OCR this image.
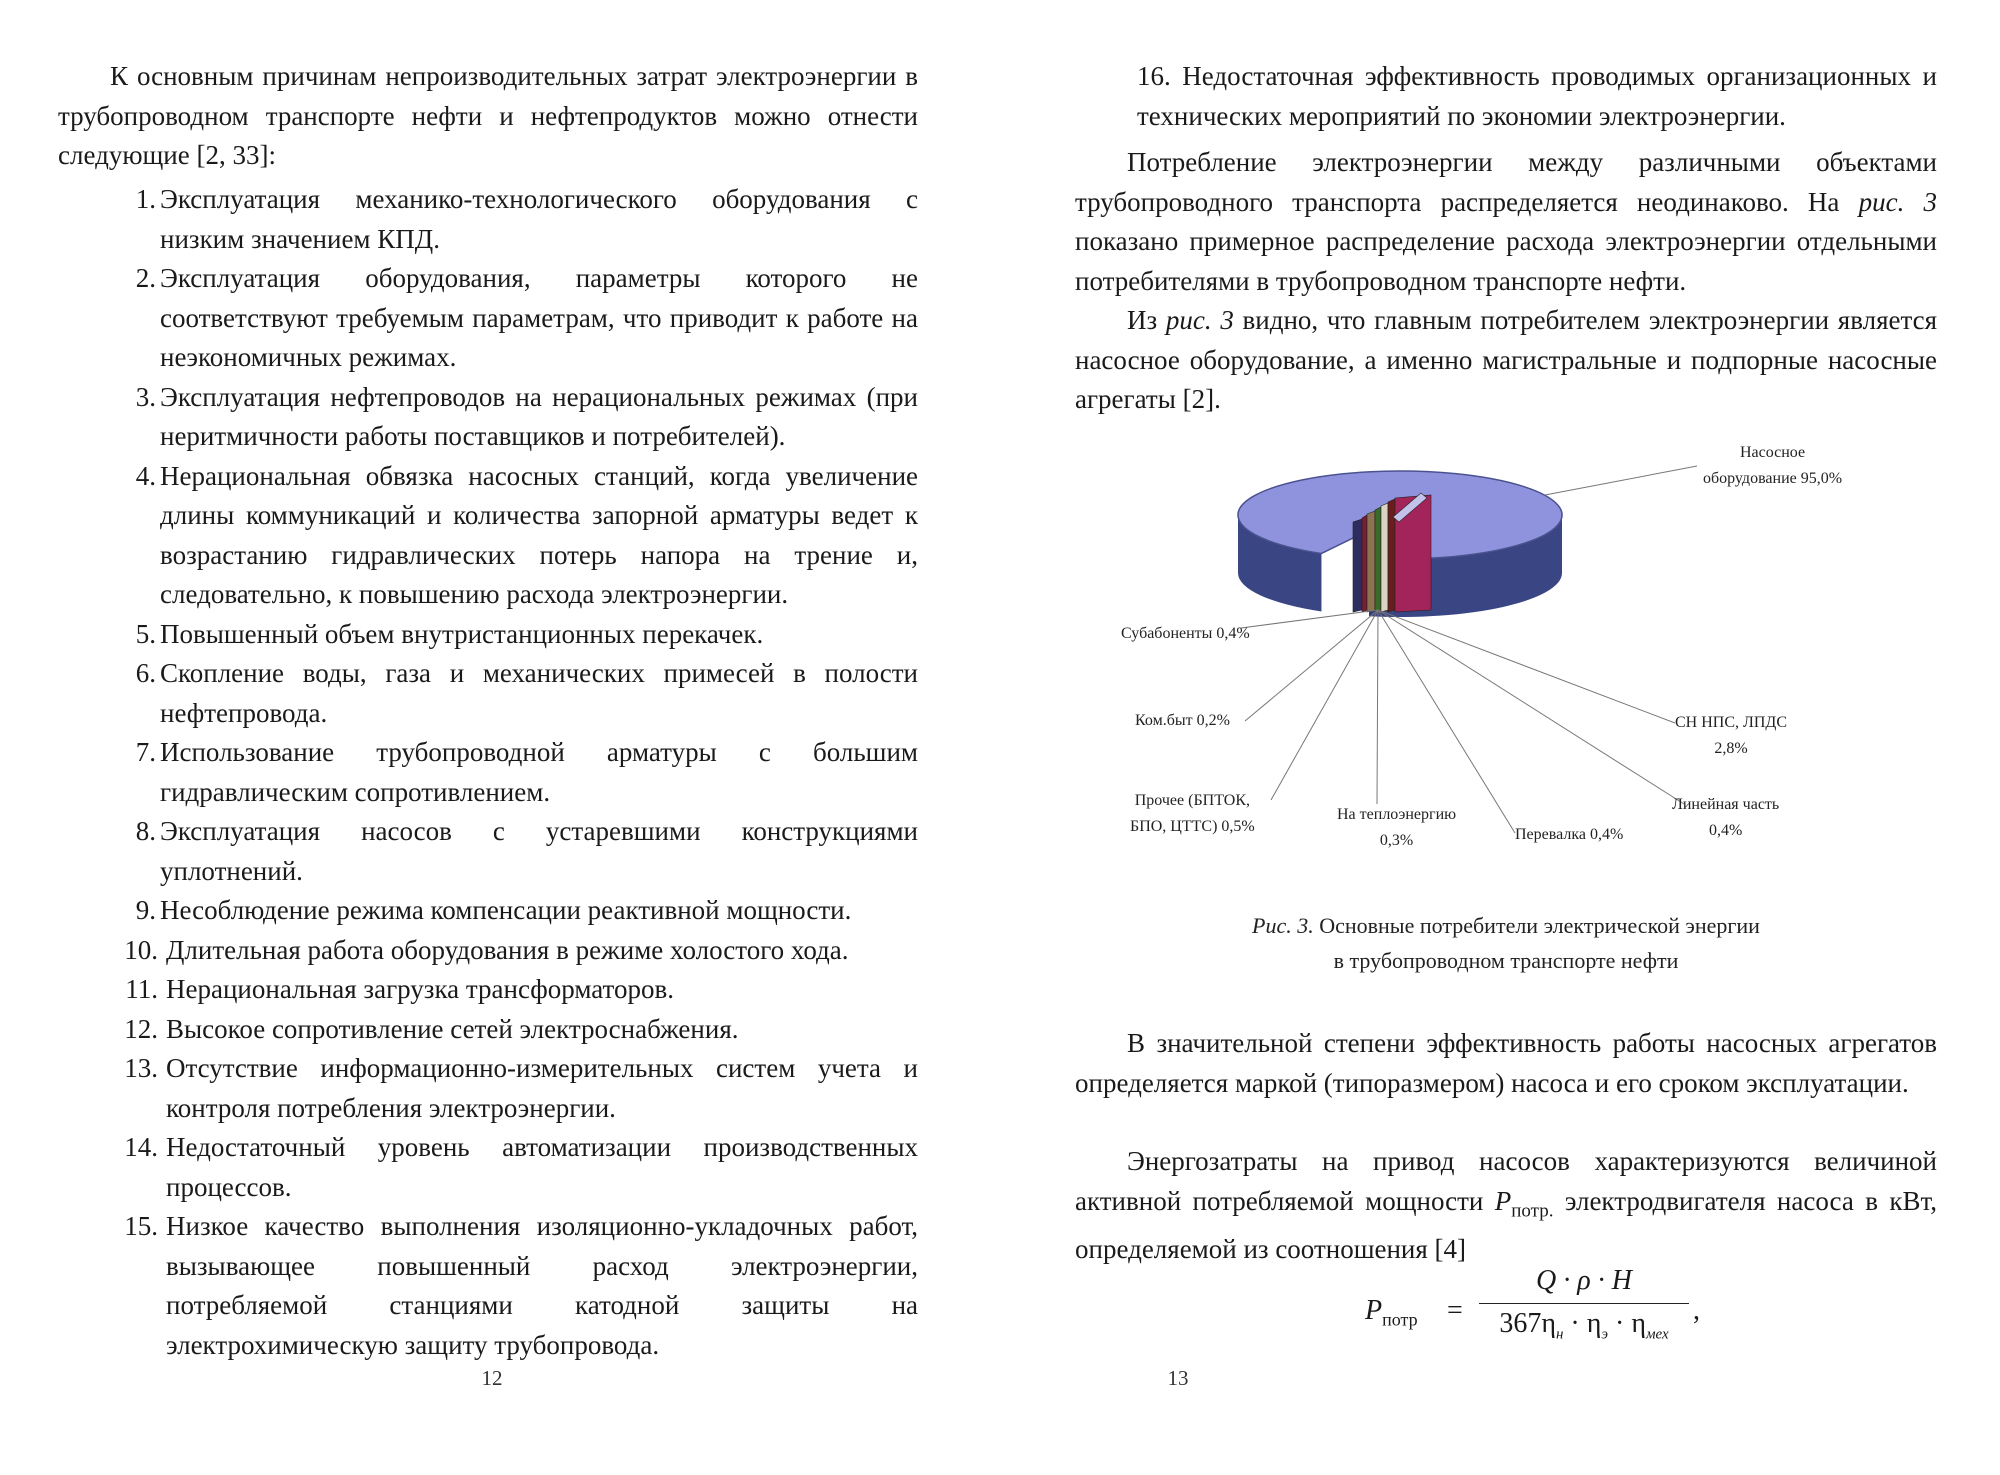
К основным причинам непроизводительных затрат электроэнергии в трубопроводном транспорте нефти и нефтепродуктов можно отнести следующие [2, 33]:

1. Эксплуатация механико-технологического оборудования с низким значением КПД.
2. Эксплуатация оборудования, параметры которого не соответствуют требуемым параметрам, что приводит к работе на неэкономичных режимах.
3. Эксплуатация нефтепроводов на нерациональных режимах (при неритмичности работы поставщиков и потребителей).
4. Нерациональная обвязка насосных станций, когда увеличение длины коммуникаций и количества запорной арматуры ведет к возрастанию гидравлических потерь напора на трение и, следовательно, к повышению расхода электроэнергии.
5. Повышенный объем внутристанционных перекачек.
6. Скопление воды, газа и механических примесей в полости нефтепровода.
7. Использование трубопроводной арматуры с большим гидравлическим сопротивлением.
8. Эксплуатация насосов с устаревшими конструкциями уплотнений.
9. Несоблюдение режима компенсации реактивной мощности.
10. Длительная работа оборудования в режиме холостого хода.
11. Нерациональная загрузка трансформаторов.
12. Высокое сопротивление сетей электроснабжения.
13. Отсутствие информационно-измерительных систем учета и контроля потребления электроэнергии.
14. Недостаточный уровень автоматизации производственных процессов.
15. Низкое качество выполнения изоляционно-укладочных работ, вызывающее повышенный расход электроэнергии, потребляемой станциями катодной защиты на электрохимическую защиту трубопровода.
12
16. Недостаточная эффективность проводимых организационных и технических мероприятий по экономии электроэнергии.

Потребление электроэнергии между различными объектами трубопроводного транспорта распределяется неодинаково. На рис. 3 показано примерное распределение расхода электроэнергии отдельными потребителями в трубопроводном транспорте нефти.

Из рис. 3 видно, что главным потребителем электроэнергии является насосное оборудование, а именно магистральные и подпорные насосные агрегаты [2].

Насосное
оборудование 95,0%
Субабоненты 0,4%
Ком.быт 0,2%
Прочее (БПТОК,
БПО, ЦТТС) 0,5%
На теплоэнергию
0,3%	Перевалка 0,4%
СН НПС, ЛПДС
2,8%
Линейная часть
0,4%
Рис. 3. Основные потребители электрической энергии
в трубопроводном транспорте нефти

В значительной степени эффективность работы насосных агрегатов определяется маркой (типоразмером) насоса и его сроком эксплуатации.

Энергозатраты на привод насосов характеризуются величиной активной потребляемой мощности $P_{потр.}$ электродвигателя насоса в кВт, определяемой из соотношения [4]

$P_{потр}$ =
Q · ρ · H
$367\eta_н \cdot \eta_э \cdot \eta_{мех}$
,
13
